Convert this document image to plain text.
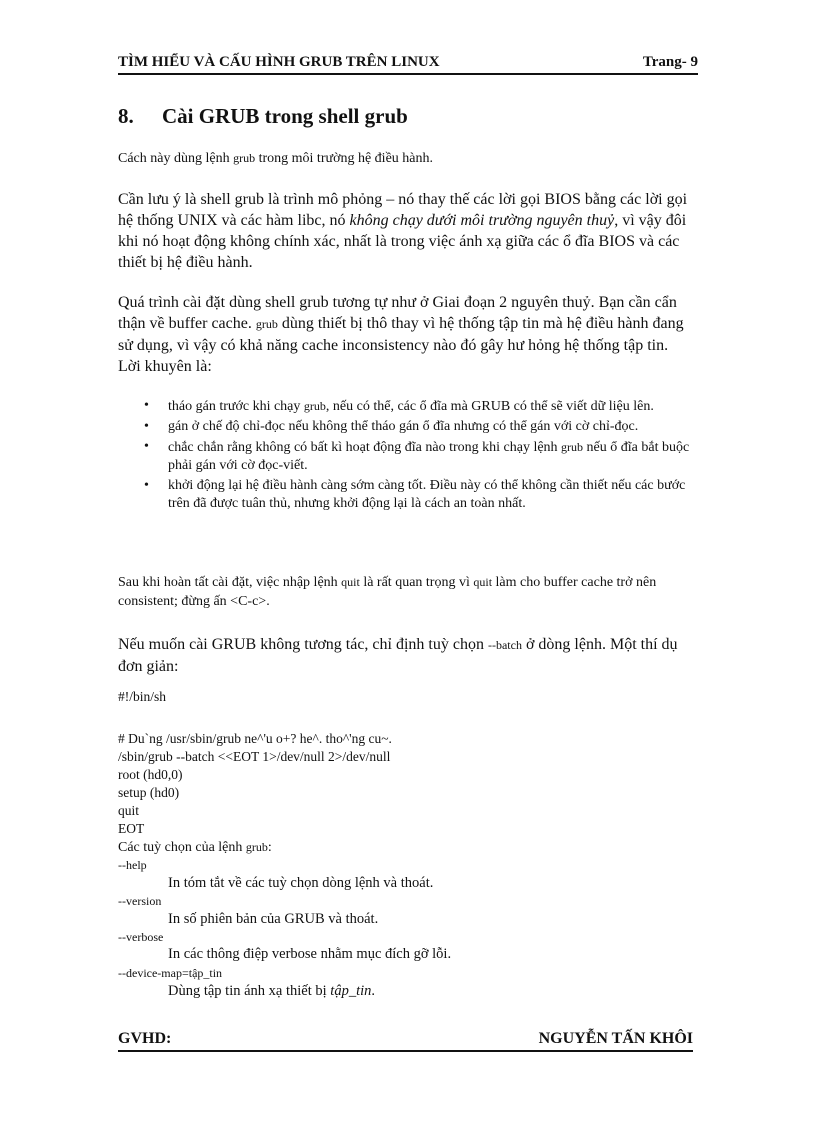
TÌM HIỂU VÀ CẤU HÌNH GRUB TRÊN LINUX	Trang- 9
8. Cài GRUB trong shell grub
Cách này dùng lệnh grub trong môi trường hệ điều hành.
Cần lưu ý là shell grub là trình mô phỏng – nó thay thế các lời gọi BIOS bằng các lời gọi hệ thống UNIX và các hàm libc, nó không chạy dưới môi trường nguyên thuỷ, vì vậy đôi khi nó hoạt động không chính xác, nhất là trong việc ánh xạ giữa các ổ đĩa BIOS và các thiết bị hệ điều hành.
Quá trình cài đặt dùng shell grub tương tự như ở Giai đoạn 2 nguyên thuỷ. Bạn cần cẩn thận về buffer cache. grub dùng thiết bị thô thay vì hệ thống tập tin mà hệ điều hành đang sử dụng, vì vậy có khả năng cache inconsistency nào đó gây hư hỏng hệ thống tập tin. Lời khuyên là:
• tháo gán trước khi chạy grub, nếu có thể, các ổ đĩa mà GRUB có thể sẽ viết dữ liệu lên.
• gán ở chế độ chỉ-đọc nếu không thể tháo gán ổ đĩa nhưng có thể gán với cờ chỉ-đọc.
• chắc chắn rằng không có bất kì hoạt động đĩa nào trong khi chạy lệnh grub nếu ổ đĩa bắt buộc phải gán với cờ đọc-viết.
• khởi động lại hệ điều hành càng sớm càng tốt. Điều này có thể không cần thiết nếu các bước trên đã được tuân thủ, nhưng khởi động lại là cách an toàn nhất.
Sau khi hoàn tất cài đặt, việc nhập lệnh quit là rất quan trọng vì quit làm cho buffer cache trở nên consistent; đừng ấn <C-c>.
Nếu muốn cài GRUB không tương tác, chỉ định tuỳ chọn --batch ở dòng lệnh. Một thí dụ đơn giản:
#!/bin/sh
# Du`ng /usr/sbin/grub ne^'u o+? he^. tho^'ng cu~.
/sbin/grub --batch <<EOT 1>/dev/null 2>/dev/null
root (hd0,0)
setup (hd0)
quit
EOT
Các tuỳ chọn của lệnh grub:
--help
In tóm tắt về các tuỳ chọn dòng lệnh và thoát.
--version
In số phiên bản của GRUB và thoát.
--verbose
In các thông điệp verbose nhằm mục đích gỡ lỗi.
--device-map=tập_tin
Dùng tập tin ánh xạ thiết bị tập_tin.
GVHD:	NGUYỄN TẤN KHÔI
